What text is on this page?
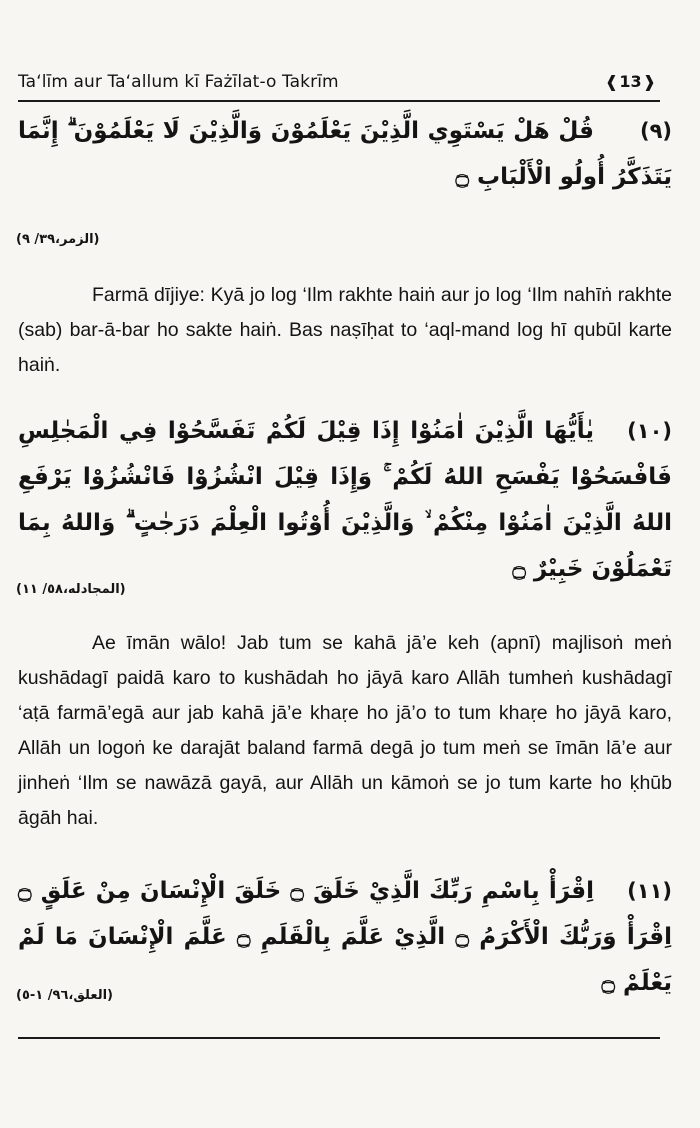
Ta‘līm aur Ta‘allum kī Fażīlat-o Takrīm
❰	13 ❱
(٩)قُلْ هَلْ يَسْتَوِي الَّذِيْنَ يَعْلَمُوْنَ وَالَّذِيْنَ لَا يَعْلَمُوْنَ ۗ إِنَّمَا يَتَذَكَّرُ أُولُو الْأَلْبَابِ ۝
(الزمر،٣٩/ ٩)
Farmā dījiye: Kyā jo log ‘Ilm rakhte haiṅ aur jo log ‘Ilm nahīṅ rakhte (sab) bar-ā-bar ho sakte haiṅ. Bas naṣīḥat to ‘aql-mand log hī qubūl karte haiṅ.
(١٠)يٰأَيُّهَا الَّذِيْنَ اٰمَنُوْا إِذَا قِيْلَ لَكُمْ تَفَسَّحُوْا فِي الْمَجٰلِسِ فَافْسَحُوْا يَفْسَحِ اللهُ لَكُمْ ۚ وَإِذَا قِيْلَ انْشُزُوْا فَانْشُزُوْا يَرْفَعِ اللهُ الَّذِيْنَ اٰمَنُوْا مِنْكُمْ ۙ وَالَّذِيْنَ أُوْتُوا الْعِلْمَ دَرَجٰتٍ ۗ وَاللهُ بِمَا تَعْمَلُوْنَ خَبِيْرٌ ۝
(المجادله،٥٨/ ١١)
Ae īmān wālo! Jab tum se kahā jā’e keh (apnī) majlisoṅ meṅ kushādagī paidā karo to kushādah ho jāyā karo Allāh tumheṅ kushādagī ‘aṭā farmā’egā aur jab kahā jā’e khaṛe ho jā’o to tum khaṛe ho jāyā karo, Allāh un logoṅ ke darajāt baland farmā degā jo tum meṅ se īmān lā’e aur jinheṅ ‘Ilm se nawāzā gayā, aur Allāh un kāmoṅ se jo tum karte ho ḳhūb āgāh hai.
(١١)اِقْرَأْ بِاسْمِ رَبِّكَ الَّذِيْ خَلَقَ ۝ خَلَقَ الْإِنْسَانَ مِنْ عَلَقٍ ۝ اِقْرَأْ وَرَبُّكَ الْأَكْرَمُ ۝ الَّذِيْ عَلَّمَ بِالْقَلَمِ ۝ عَلَّمَ الْإِنْسَانَ مَا لَمْ يَعْلَمْ ۝
(العلق،٩٦/ ١-٥)
